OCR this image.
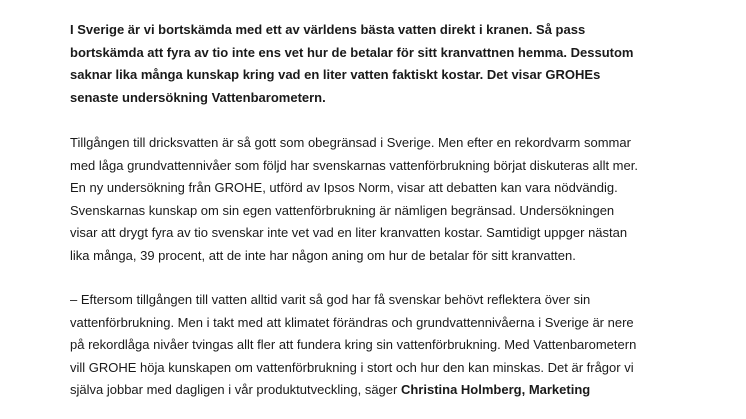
I Sverige är vi bortskämda med ett av världens bästa vatten direkt i kranen. Så pass
bortskämda att fyra av tio inte ens vet hur de betalar för sitt kranvattnen hemma. Dessutom
saknar lika många kunskap kring vad en liter vatten faktiskt kostar. Det visar GROHEs
senaste undersökning Vattenbarometern.

Tillgången till dricksvatten är så gott som obegränsad i Sverige. Men efter en rekordvarm sommar
med låga grundvattennivåer som följd har svenskarnas vattenförbrukning börjat diskuteras allt mer.
En ny undersökning från GROHE, utförd av Ipsos Norm, visar att debatten kan vara nödvändig.
Svenskarnas kunskap om sin egen vattenförbrukning är nämligen begränsad. Undersökningen
visar att drygt fyra av tio svenskar inte vet vad en liter kranvatten kostar. Samtidigt uppger nästan
lika många, 39 procent, att de inte har någon aning om hur de betalar för sitt kranvatten.

– Eftersom tillgången till vatten alltid varit så god har få svenskar behövt reflektera över sin
vattenförbrukning. Men i takt med att klimatet förändras och grundvattennivåerna i Sverige är nere
på rekordlåga nivåer tvingas allt fler att fundera kring sin vattenförbrukning. Med Vattenbarometern
vill GROHE höja kunskapen om vattenförbrukning i stort och hur den kan minskas. Det är frågor vi
själva jobbar med dagligen i vår produktutveckling, säger Christina Holmberg, Marketing
